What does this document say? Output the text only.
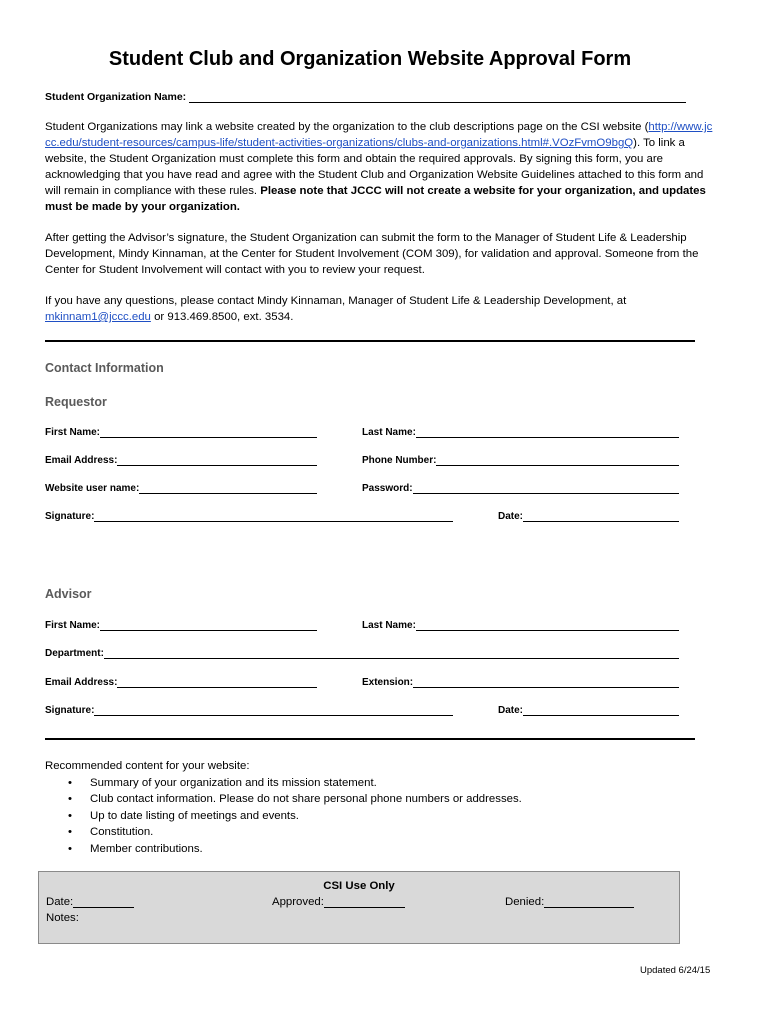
Student Club and Organization Website Approval Form
Student Organization Name:
Student Organizations may link a website created by the organization to the club descriptions page on the CSI website (http://www.jccc.edu/student-resources/campus-life/student-activities-organizations/clubs-and-organizations.html#.VOzFvmO9bgQ). To link a website, the Student Organization must complete this form and obtain the required approvals. By signing this form, you are acknowledging that you have read and agree with the Student Club and Organization Website Guidelines attached to this form and will remain in compliance with these rules. Please note that JCCC will not create a website for your organization, and updates must be made by your organization.
After getting the Advisor’s signature, the Student Organization can submit the form to the Manager of Student Life & Leadership Development, Mindy Kinnaman, at the Center for Student Involvement (COM 309), for validation and approval. Someone from the Center for Student Involvement will contact with you to review your request.
If you have any questions, please contact Mindy Kinnaman, Manager of Student Life & Leadership Development, at mkinnam1@jccc.edu or 913.469.8500, ext. 3534.
Contact Information
Requestor
First Name:	Last Name:
Email Address:	Phone Number:
Website user name:	Password:
Signature:	Date:
Advisor
First Name:	Last Name:
Department:
Email Address:	Extension:
Signature:	Date:
Recommended content for your website:
• Summary of your organization and its mission statement.
• Club contact information. Please do not share personal phone numbers or addresses.
• Up to date listing of meetings and events.
• Constitution.
• Member contributions.
CSI Use Only
Date:	Approved:	Denied:
Notes:
Updated 6/24/15
